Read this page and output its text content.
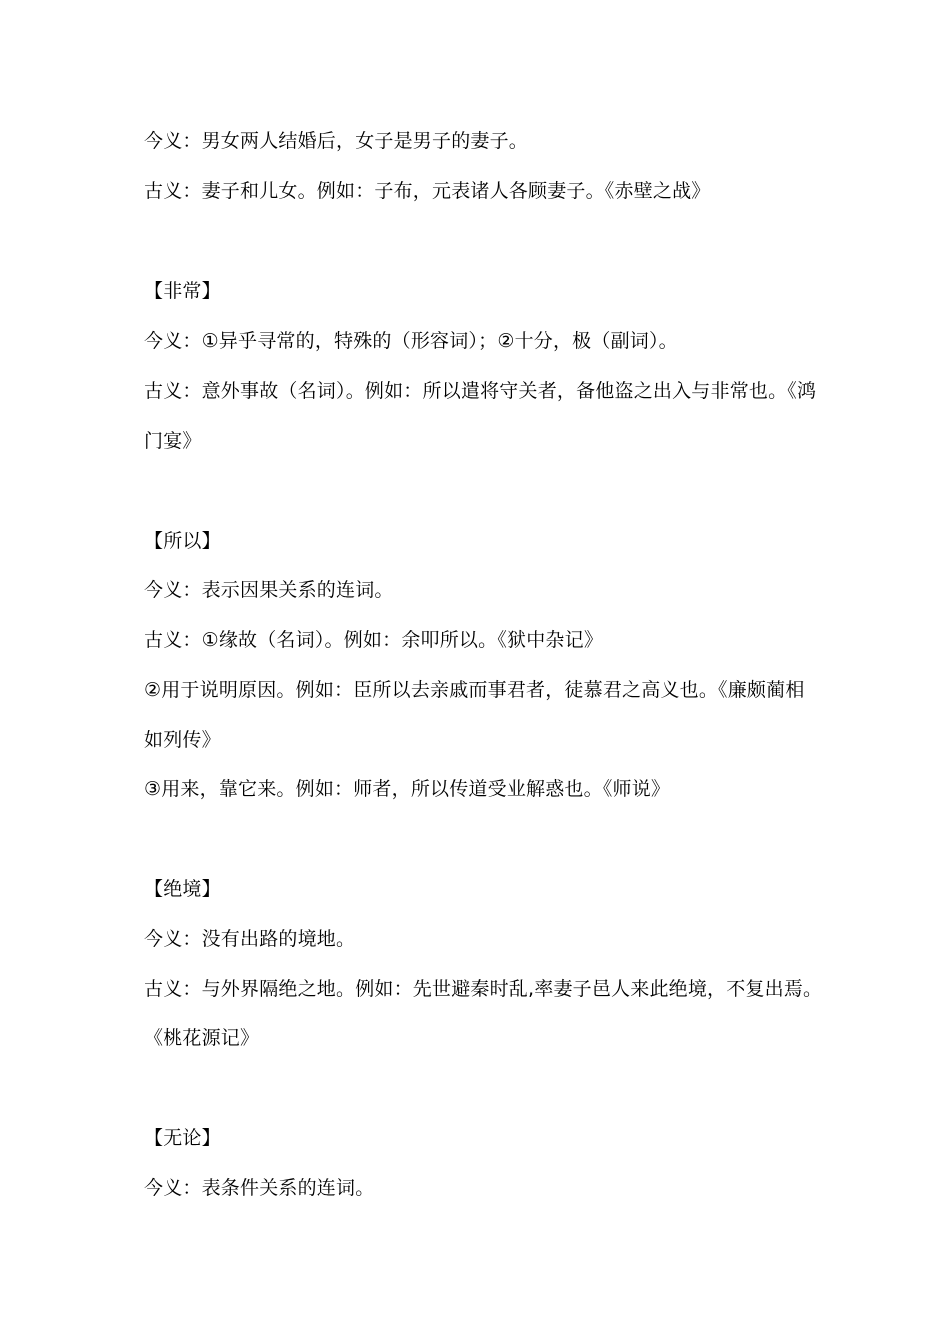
今义：男女两人结婚后，女子是男子的妻子。
古义：妻子和儿女。例如：子布，元表诸人各顾妻子。《赤壁之战》
【非常】
今义：①异乎寻常的，特殊的（形容词）；②十分，极（副词）。
古义：意外事故（名词）。例如：所以遣将守关者，备他盗之出入与非常也。《鸿
门宴》
【所以】
今义：表示因果关系的连词。
古义：①缘故（名词）。例如：余叩所以。《狱中杂记》
②用于说明原因。例如：臣所以去亲戚而事君者，徒慕君之高义也。《廉颇蔺相
如列传》
③用来，靠它来。例如：师者，所以传道受业解惑也。《师说》
【绝境】
今义：没有出路的境地。
古义：与外界隔绝之地。例如：先世避秦时乱,率妻子邑人来此绝境，不复出焉。
《桃花源记》
【无论】
今义：表条件关系的连词。
